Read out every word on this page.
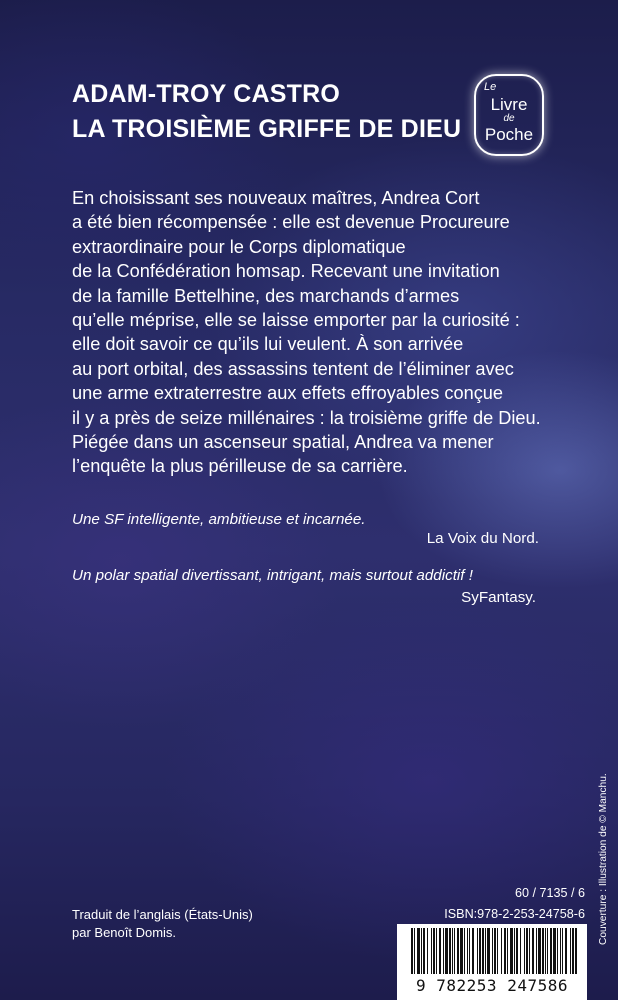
ADAM-TROY CASTRO
LA TROISIÈME GRIFFE DE DIEU
Le
Livre
de
Poche
En choisissant ses nouveaux maîtres, Andrea Cort
a été bien récompensée : elle est devenue Procureure
extraordinaire pour le Corps diplomatique
de la Confédération homsap. Recevant une invitation
de la famille Bettelhine, des marchands d’armes
qu’elle méprise, elle se laisse emporter par la curiosité :
elle doit savoir ce qu’ils lui veulent. À son arrivée
au port orbital, des assassins tentent de l’éliminer avec
une arme extraterrestre aux effets effroyables conçue
il y a près de seize millénaires : la troisième griffe de Dieu.
Piégée dans un ascenseur spatial, Andrea va mener
l’enquête la plus périlleuse de sa carrière.

Une SF intelligente, ambitieuse et incarnée.

La Voix du Nord.

Un polar spatial divertissant, intrigant, mais surtout addictif !

SyFantasy.

Couverture : Illustration de © Manchu.
Traduit de l’anglais (États-Unis)
par Benoît Domis.
60 / 7135 / 6
ISBN:978-2-253-24758-6
9 782253 247586
